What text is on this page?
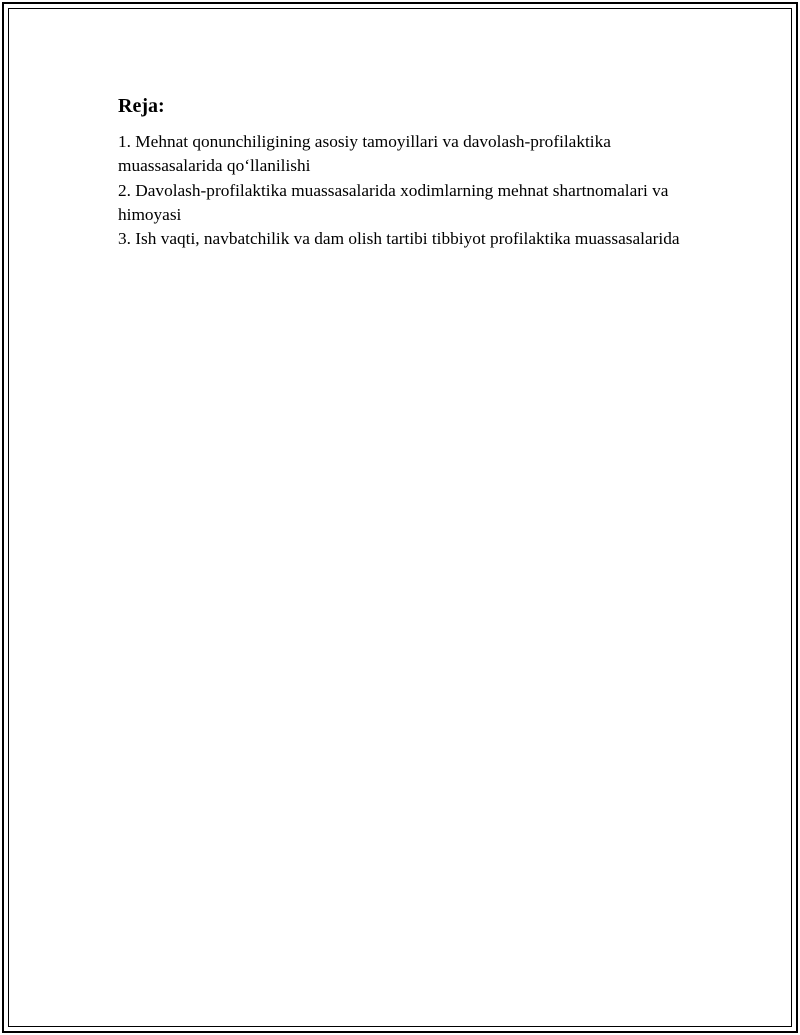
Reja:
1. Mehnat qonunchiligining asosiy tamoyillari va davolash-profilaktika muassasalarida qo‘llanilishi
2. Davolash-profilaktika muassasalarida xodimlarning mehnat shartnomalari va himoyasi
3. Ish vaqti, navbatchilik va dam olish tartibi tibbiyot profilaktika muassasalarida
